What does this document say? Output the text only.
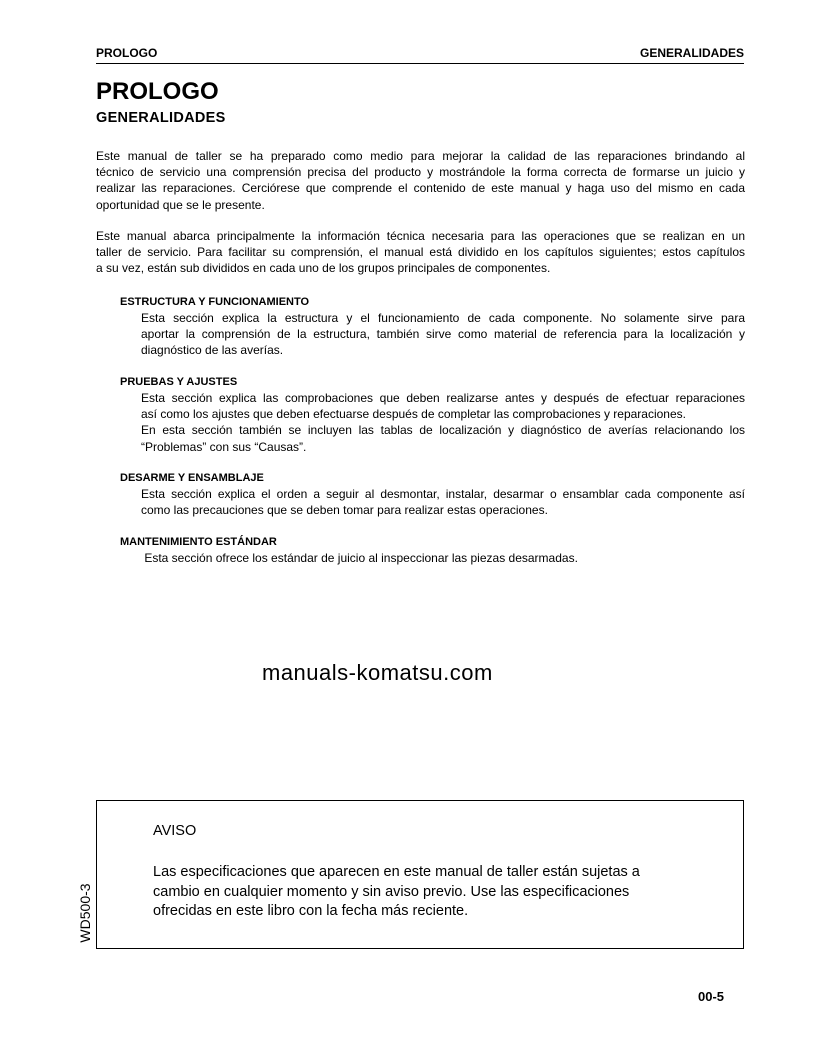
PROLOGO	GENERALIDADES
PROLOGO
GENERALIDADES
Este manual de taller se ha preparado como medio para mejorar la calidad de las reparaciones brindando al
técnico de servicio una comprensión precisa del producto y mostrándole la forma correcta de formarse un juicio y
realizar las reparaciones. Cerciórese que comprende el contenido de este manual y haga uso del mismo en cada
oportunidad que se le presente.
Este manual abarca principalmente la información técnica necesaria para las operaciones que se realizan en un
taller de servicio. Para facilitar su comprensión, el manual está dividido en los capítulos siguientes; estos capítulos
a su vez, están sub divididos en cada uno de los grupos principales de componentes.
ESTRUCTURA Y FUNCIONAMIENTO
Esta sección explica la estructura y el funcionamiento de cada componente. No solamente sirve para
aportar la comprensión de la estructura, también sirve como material de referencia para la localización y
diagnóstico de las averías.
PRUEBAS Y AJUSTES
Esta sección explica las comprobaciones que deben realizarse antes y después de efectuar reparaciones
así como los ajustes que deben efectuarse después de completar las comprobaciones y reparaciones.
En esta sección también se incluyen las tablas de localización y diagnóstico de averías relacionando los
“Problemas” con sus “Causas”.
DESARME Y ENSAMBLAJE
Esta sección explica el orden a seguir al desmontar, instalar, desarmar o ensamblar cada componente así
como las precauciones que se deben tomar para realizar estas operaciones.
MANTENIMIENTO ESTÁNDAR
Esta sección ofrece los estándar de juicio al inspeccionar las piezas desarmadas.
manuals-komatsu.com
AVISO
Las especificaciones que aparecen en este manual de taller están sujetas a
cambio en cualquier momento y sin aviso previo. Use las especificaciones
ofrecidas en este libro con la fecha más reciente.
WD500-3
00-5
